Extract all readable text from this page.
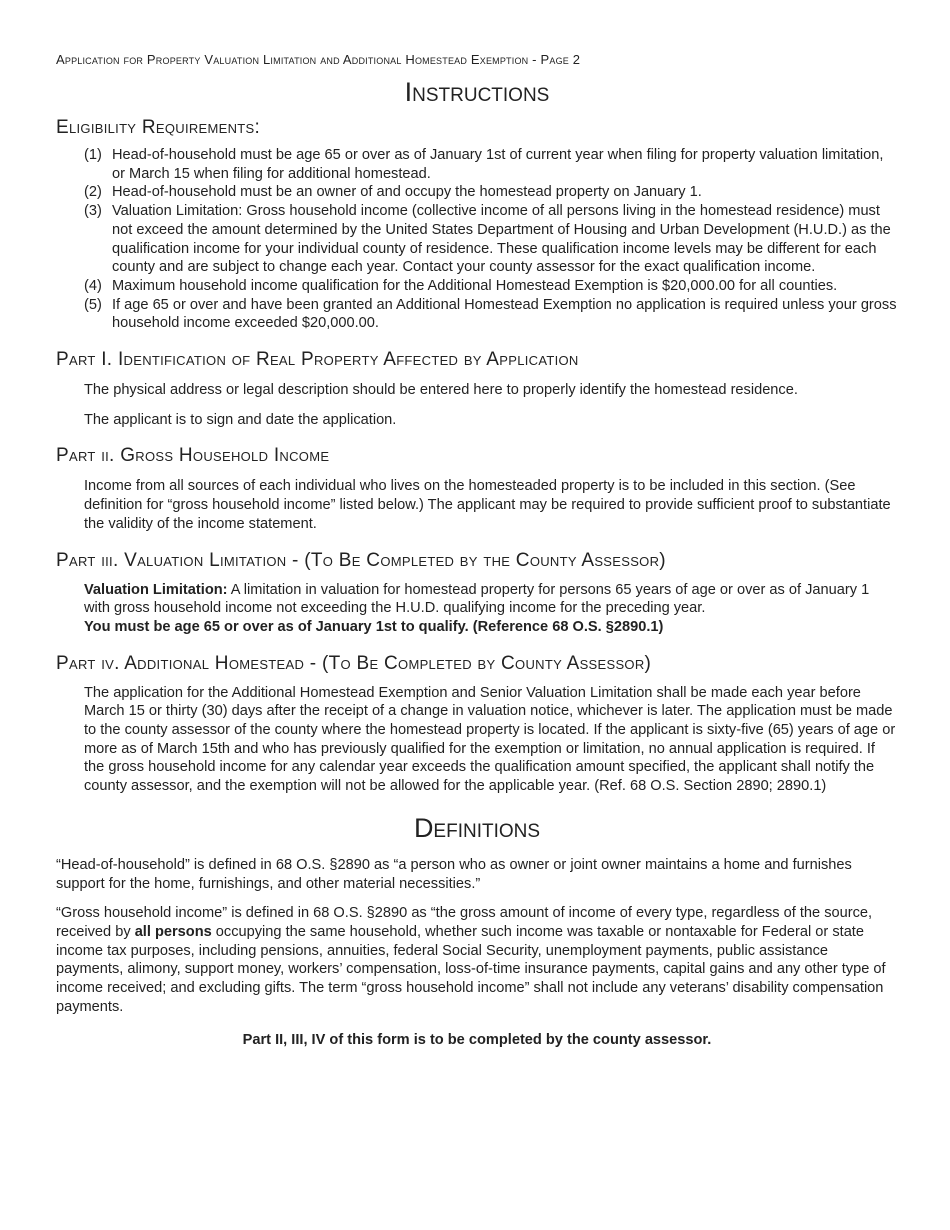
Application for Property Valuation Limitation and Additional Homestead Exemption - Page 2

Instructions
Eligibility Requirements:
(1) Head-of-household must be age 65 or over as of January 1st of current year when filing for property valuation limitation, or March 15 when filing for additional homestead.
(2) Head-of-household must be an owner of and occupy the homestead property on January 1.
(3) Valuation Limitation: Gross household income (collective income of all persons living in the homestead residence) must not exceed the amount determined by the United States Department of Housing and Urban Development (H.U.D.) as the qualification income for your individual county of residence. These qualification income levels may be different for each county and are subject to change each year. Contact your county assessor for the exact qualification income.
(4) Maximum household income qualification for the Additional Homestead Exemption is $20,000.00 for all counties.
(5) If age 65 or over and have been granted an Additional Homestead Exemption no application is required unless your gross household income exceeded $20,000.00.
Part I. Identification of Real Property Affected by Application

The physical address or legal description should be entered here to properly identify the homestead residence.

The applicant is to sign and date the application.

Part ii. Gross Household Income

Income from all sources of each individual who lives on the homesteaded property is to be included in this section. (See definition for “gross household income” listed below.) The applicant may be required to provide sufficient proof to substantiate the validity of the income statement.

Part iii. Valuation Limitation - (To Be Completed by the County Assessor)

Valuation Limitation: A limitation in valuation for homestead property for persons 65 years of age or over as of January 1 with gross household income not exceeding the H.U.D. qualifying income for the preceding year.

You must be age 65 or over as of January 1st to qualify. (Reference 68 O.S. §2890.1)

Part iv. Additional Homestead - (To Be Completed by County Assessor)

The application for the Additional Homestead Exemption and Senior Valuation Limitation shall be made each year before March 15 or thirty (30) days after the receipt of a change in valuation notice, whichever is later. The application must be made to the county assessor of the county where the homestead property is located. If the applicant is sixty-five (65) years of age or more as of March 15th and who has previously qualified for the exemption or limitation, no annual application is required. If the gross household income for any calendar year exceeds the qualification amount specified, the applicant shall notify the county assessor, and the exemption will not be allowed for the applicable year. (Ref. 68 O.S. Section 2890; 2890.1)

Definitions

“Head-of-household” is defined in 68 O.S. §2890 as “a person who as owner or joint owner maintains a home and furnishes support for the home, furnishings, and other material necessities.”

“Gross household income” is defined in 68 O.S. §2890 as “the gross amount of income of every type, regardless of the source, received by all persons occupying the same household, whether such income was taxable or nontaxable for Federal or state income tax purposes, including pensions, annuities, federal Social Security, unemployment payments, public assistance payments, alimony, support money, workers’ compensation, loss-of-time insurance payments, capital gains and any other type of income received; and excluding gifts. The term “gross household income” shall not include any veterans’ disability compensation payments.

Part II, III, IV of this form is to be completed by the county assessor.
